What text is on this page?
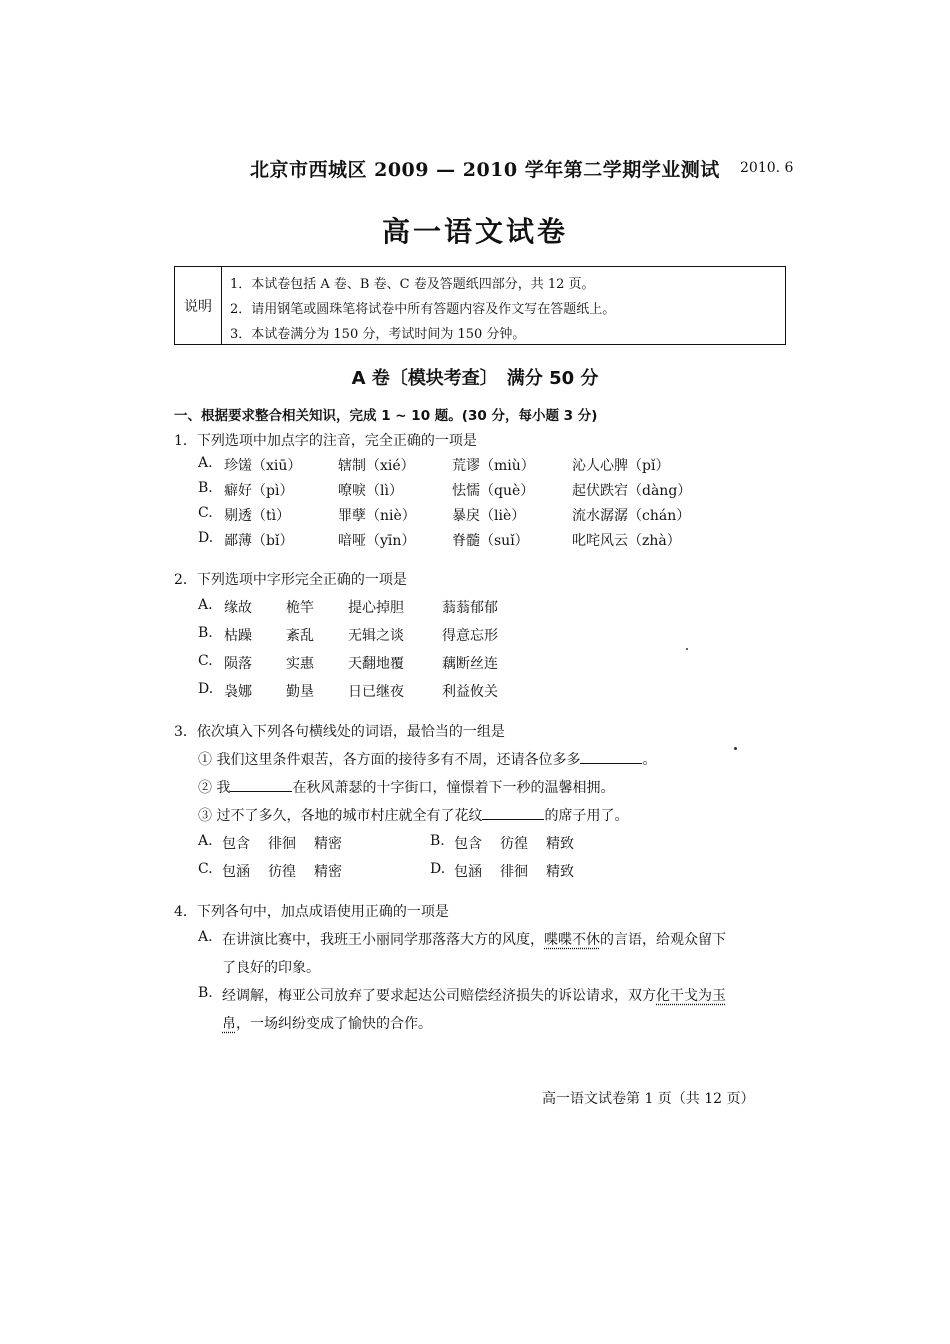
北京市西城区 2009 — 2010 学年第二学期学业测试 2010. 6
高一语文试卷
说明
1．本试卷包括 A 卷、B 卷、C 卷及答题纸四部分，共 12 页。
2．请用钢笔或圆珠笔将试卷中所有答题内容及作文写在答题纸上。
3．本试卷满分为 150 分，考试时间为 150 分钟。
A 卷〔模块考查〕　满分 50 分
一、根据要求整合相关知识，完成 1 ~ 10 题。(30 分，每小题 3 分)
1．下列选项中加点字的注音，完全正确的一项是
A. 珍馐（xiū）	辖制（xié）	荒谬（miù）	沁人心脾（pǐ）
B. 癖好（pì）	嘹唳（lì）	怯懦（què）	起伏跌宕（dàng）
C. 剔透（tì）	罪孽（niè）	暴戾（liè）	流水潺潺（chán）
D. 鄙薄（bǐ）	喑哑（yīn）	脊髓（suǐ）	叱咤风云（zhà）
2．下列选项中字形完全正确的一项是
A. 缘故 桅竿 提心掉胆	蓊蓊郁郁
B. 枯躁 紊乱 无辑之谈	得意忘形
C. 陨落 实惠 天翻地覆	藕断丝连
D. 袅娜 勤垦 日已继夜	利益攸关
3．依次填入下列各句横线处的词语，最恰当的一组是
① 我们这里条件艰苦，各方面的接待多有不周，还请各位多多	。
② 我	在秋风萧瑟的十字街口，憧憬着下一秒的温馨相拥。
③ 过不了多久，各地的城市村庄就全有了花纹	的席子用了。
A. 包含 徘徊 精密	B. 包含 彷徨 精致
C. 包涵 彷徨 精密	D. 包涵 徘徊 精致
4．下列各句中，加点成语使用正确的一项是
A. 在讲演比赛中，我班王小丽同学那落落大方的风度，喋喋不休的言语，给观众留下
了良好的印象。
B. 经调解，梅亚公司放弃了要求起达公司赔偿经济损失的诉讼请求，双方化干戈为玉
帛，一场纠纷变成了愉快的合作。
高一语文试卷第 1 页（共 12 页）
